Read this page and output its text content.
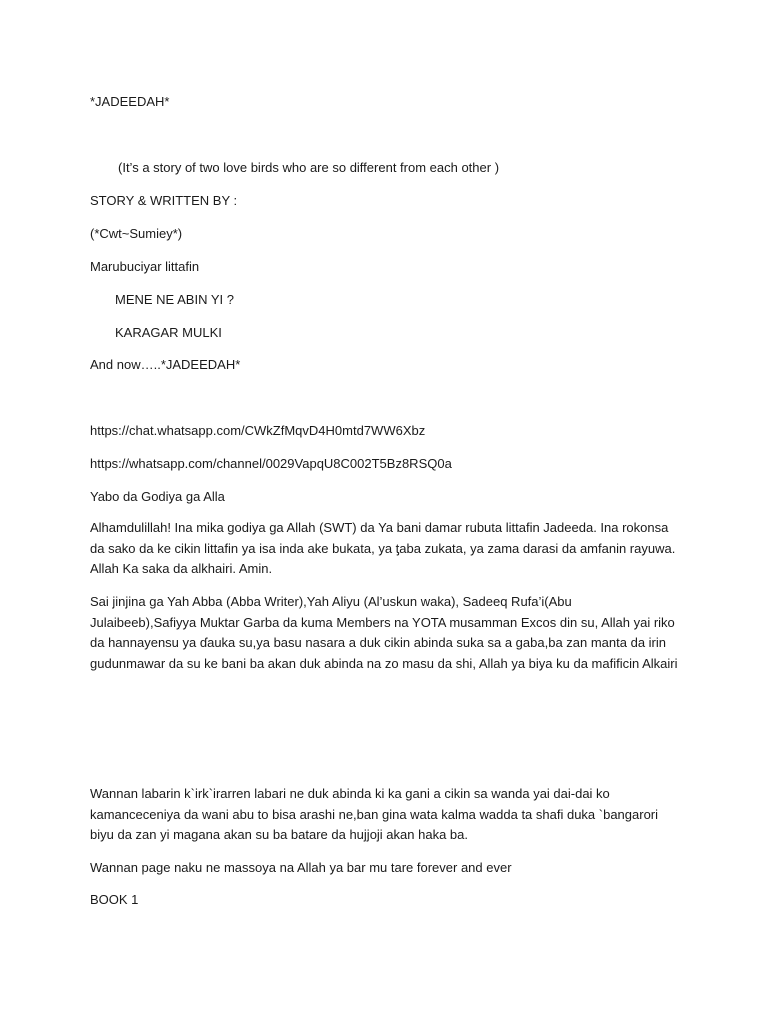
*JADEEDAH*
(It’s a story of two love birds who are so different from each other )
STORY & WRITTEN BY :
(*Cwt~Sumiey*)
Marubuciyar littafin
MENE NE ABIN YI ?
KARAGAR MULKI
And now…..*JADEEDAH*
https://chat.whatsapp.com/CWkZfMqvD4H0mtd7WW6Xbz
https://whatsapp.com/channel/0029VapqU8C002T5Bz8RSQ0a
Yabo da Godiya ga Alla
Alhamdulillah! Ina mika godiya ga Allah (SWT) da Ya bani damar rubuta littafin Jadeeda. Ina rokonsa da sako da ke cikin littafin ya isa inda ake bukata, ya ƫaba zukata, ya zama darasi da amfanin rayuwa. Allah Ka saka da alkhairi. Amin.
Sai jinjina ga Yah Abba (Abba Writer),Yah Aliyu (Al’uskun waka), Sadeeq Rufa’i(Abu Julaibeeb),Safiyya Muktar Garba da kuma Members na YOTA musamman Excos din su, Allah yai riko da hannayensu ya ɗauka su,ya basu nasara a duk cikin abinda suka sa a gaba,ba zan manta da irin gudunmawar da su ke bani ba akan duk abinda na zo masu da shi, Allah ya biya ku da mafificin Alkairi
Wannan labarin k`irk`irarren labari ne duk abinda ki ka gani a cikin sa wanda yai dai-dai ko kamanceceniya da wani abu to bisa arashi ne,ban gina wata kalma wadda ta shafi duka `bangarori biyu da zan yi magana akan su ba batare da hujjoji akan haka ba.
Wannan page naku ne massoya na Allah ya bar mu tare forever and ever
BOOK 1
